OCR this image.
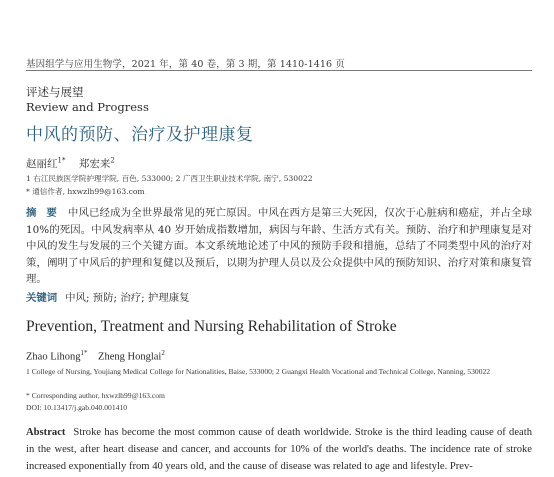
基因组学与应用生物学，2021 年，第 40 卷，第 3 期，第 1410-1416 页
评述与展望
Review and Progress
中风的预防、治疗及护理康复
赵丽红$^{1*}$ 郑宏来$^2$
1 右江民族医学院护理学院, 百色, 533000; 2 广西卫生职业技术学院, 南宁, 530022
* 通信作者, hxwzlh99@163.com
摘 要 中风已经成为全世界最常见的死亡原因。中风在西方是第三大死因，仅次于心脏病和癌症，并占全球 10%的死因。中风发病率从 40 岁开始成指数增加，病因与年龄、生活方式有关。预防、治疗和护理康复是对中风的发生与发展的三个关键方面。本文系统地论述了中风的预防手段和措施，总结了不同类型中风的治疗对策，阐明了中风后的护理和复健以及预后，以期为护理人员以及公众提供中风的预防知识、治疗对策和康复管理。
关键词 中风; 预防; 治疗; 护理康复
Prevention, Treatment and Nursing Rehabilitation of Stroke
Zhao Lihong$^{1*}$ Zheng Honglai$^2$
1 College of Nursing, Youjiang Medical College for Nationalities, Baise, 533000; 2 Guangxi Health Vocational and Technical College, Nanning, 530022
* Corresponding author, hxwzlh99@163.com
DOI: 10.13417/j.gab.040.001410
Abstract Stroke has become the most common cause of death worldwide. Stroke is the third leading cause of death in the west, after heart disease and cancer, and accounts for 10% of the world's deaths. The incidence rate of stroke increased exponentially from 40 years old, and the cause of disease was related to age and lifestyle. Prev-
